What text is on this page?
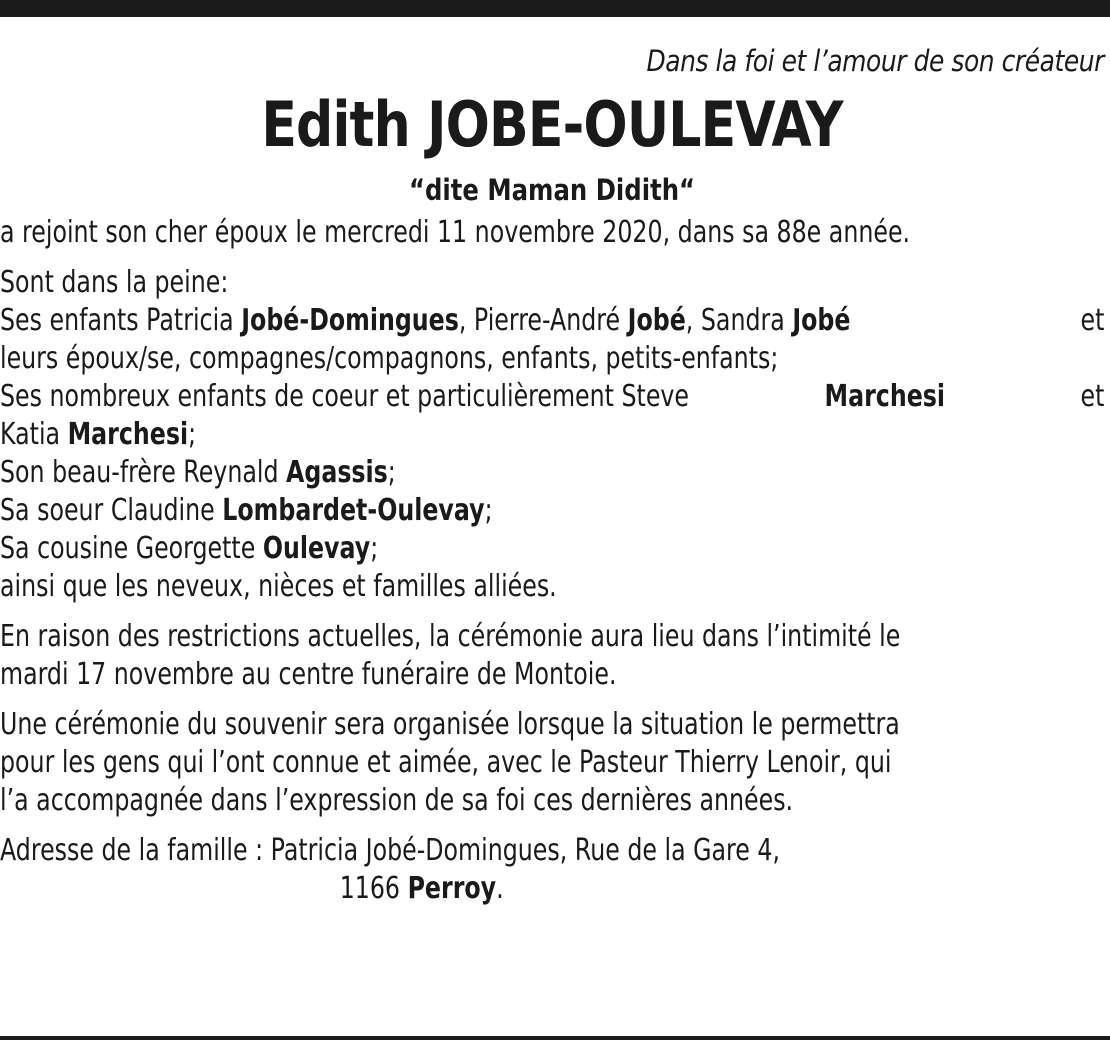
Dans la foi et l’amour de son créateur
Edith JOBE-OULEVAY
“dite Maman Didith“
a rejoint son cher époux le mercredi 11 novembre 2020, dans sa 88e année.
Sont dans la peine:
Ses enfants Patricia Jobé-Domingues, Pierre-André Jobé, Sandra Jobé	et
leurs époux/se, compagnes/compagnons, enfants, petits-enfants;
Ses nombreux enfants de coeur et particulièrement Steve	Marchesi	et
Katia Marchesi;
Son beau-frère Reynald Agassis;
Sa soeur Claudine Lombardet-Oulevay;
Sa cousine Georgette Oulevay;
ainsi que les neveux, nièces et familles alliées.
En raison des restrictions actuelles, la cérémonie aura lieu dans l’intimité le
mardi 17 novembre au centre funéraire de Montoie.
Une cérémonie du souvenir sera organisée lorsque la situation le permettra
pour les gens qui l’ont connue et aimée, avec le Pasteur Thierry Lenoir, qui
l’a accompagnée dans l’expression de sa foi ces dernières années.
Adresse de la famille : Patricia Jobé-Domingues, Rue de la Gare 4,
1166 Perroy.
